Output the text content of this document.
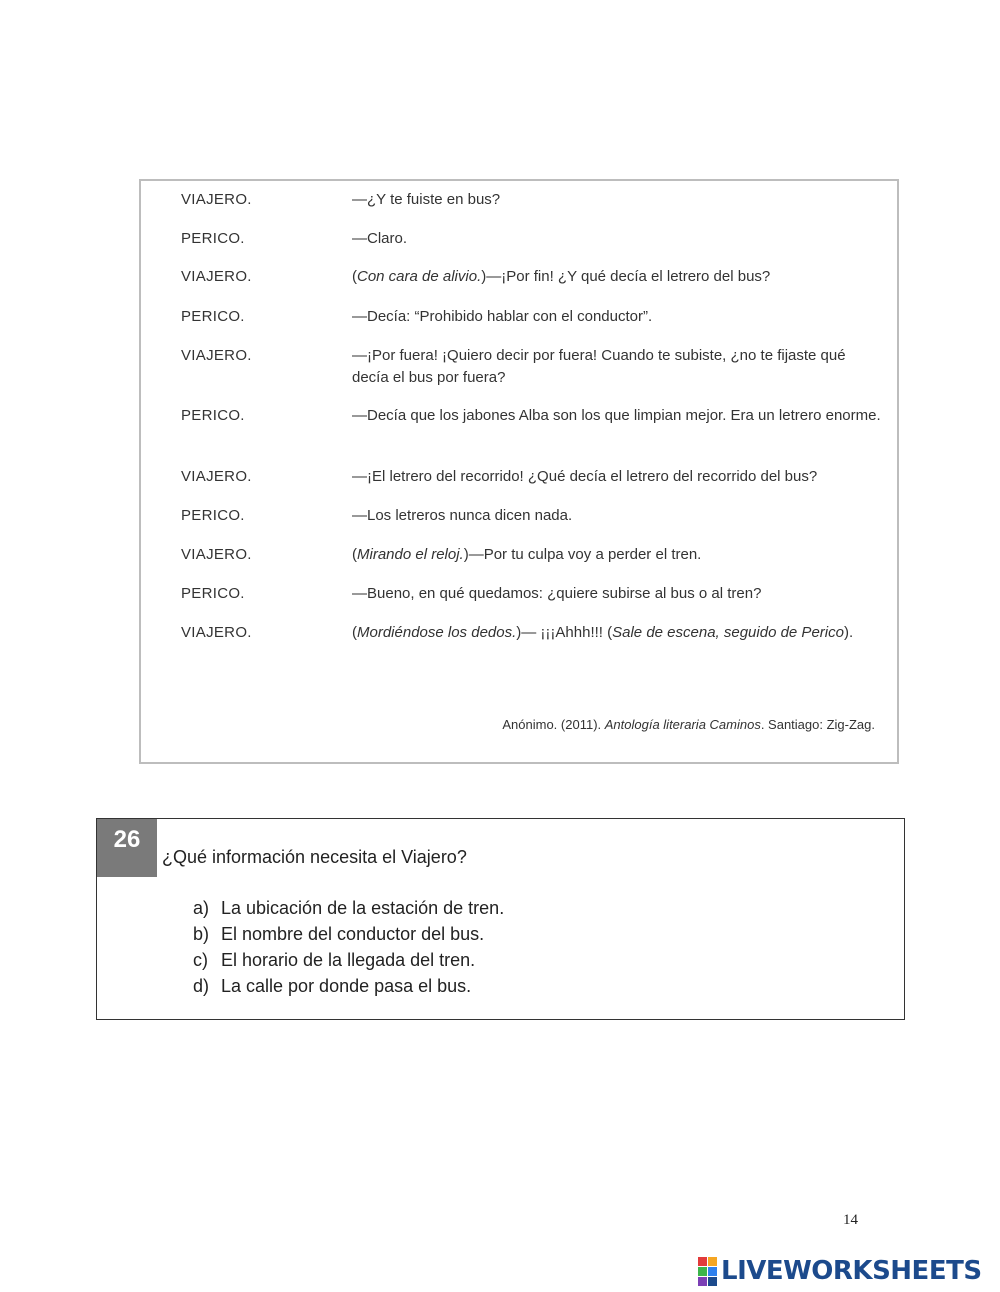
Anónimo. (2011). Antología literaria Caminos. Santiago: Zig-Zag.
VIAJERO.	—¿Y te fuiste en bus?
PERICO.	—Claro.
VIAJERO.	(Con cara de alivio.)—¡Por fin! ¿Y qué decía el letrero del bus?
PERICO.	—Decía: “Prohibido hablar con el conductor”.
VIAJERO.	—¡Por fuera! ¡Quiero decir por fuera! Cuando te subiste, ¿no te fijaste qué decía el bus por fuera?
PERICO.	—Decía que los jabones Alba son los que limpian mejor. Era un letrero enorme.
VIAJERO.	—¡El letrero del recorrido! ¿Qué decía el letrero del recorrido del bus?
PERICO.	—Los letreros nunca dicen nada.
VIAJERO.	(Mirando el reloj.)—Por tu culpa voy a perder el tren.
PERICO.	—Bueno, en qué quedamos: ¿quiere subirse al bus o al tren?
VIAJERO.	(Mordiéndose los dedos.)— ¡¡¡Ahhh!!! (Sale de escena, seguido de Perico).
26
¿Qué información necesita el Viajero?
a) La ubicación de la estación de tren.
b) El nombre del conductor del bus.
c) El horario de la llegada del tren.
d) La calle por donde pasa el bus.
14
LIVEWORKSHEETS
